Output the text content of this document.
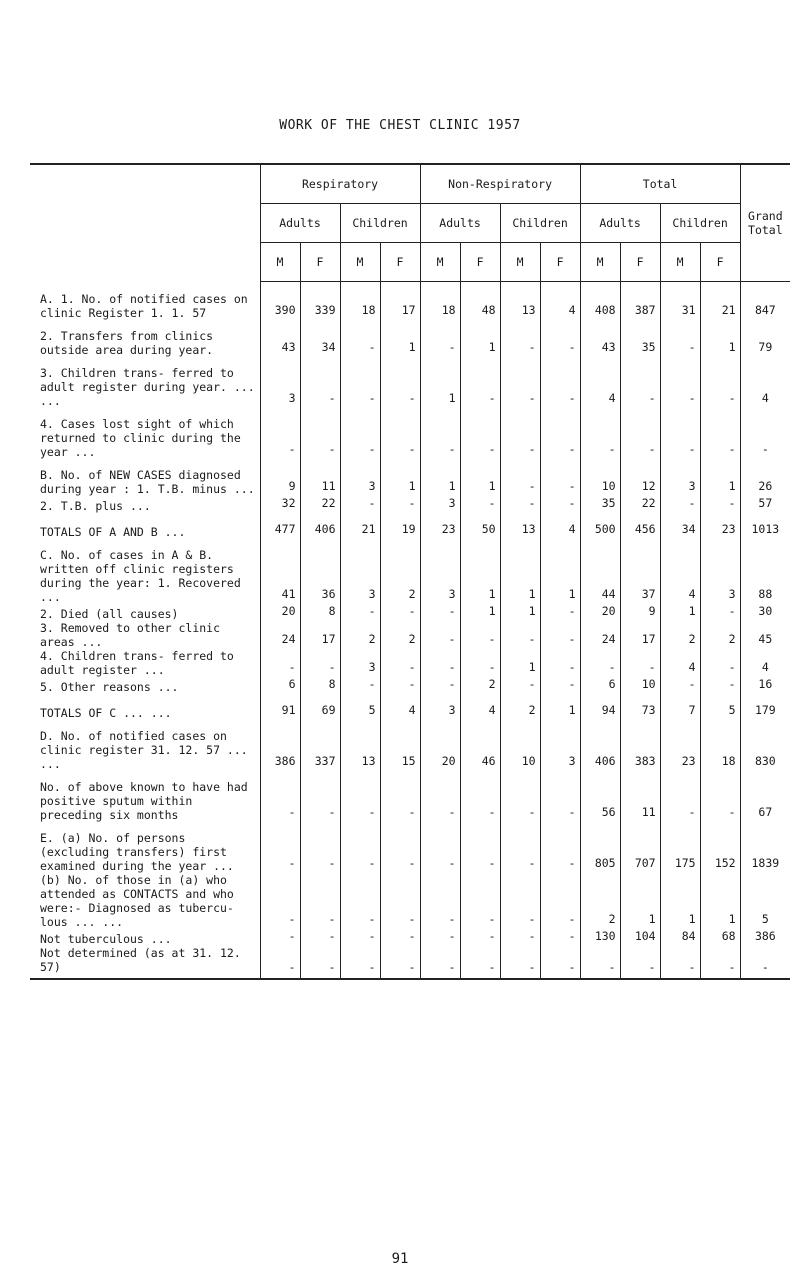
WORK OF THE CHEST CLINIC 1957
	Respiratory				Non-Respiratory				Total				Grand Total
	Adults		Children		Adults		Children		Adults		Children		
	M	F	M	F	M	F	M	F	M	F	M	F	
A. 1. No. of notified cases on clinic Register 1. 1. 57	390	339	18	17	18	48	13	4	408	387	31	21	847
2. Transfers from clinics outside area during year.	43	34	-	1	-	1	-	-	43	35	-	1	79
3. Children trans- ferred to adult register during year. ... ...	3	-	-	-	1	-	-	-	4	-	-	-	4
4. Cases lost sight of which returned to clinic during the year ...	-	-	-	-	-	-	-	-	-	-	-	-	-
B. No. of NEW CASES diagnosed during year : 1. T.B. minus ...	9	11	3	1	1	1	-	-	10	12	3	1	26
2. T.B. plus ...	32	22	-	-	3	-	-	-	35	22	-	-	57
TOTALS OF A AND B ...	477	406	21	19	23	50	13	4	500	456	34	23	1013
C. No. of cases in A & B. written off clinic registers during the year: 1. Recovered ...	41	36	3	2	3	1	1	1	44	37	4	3	88
2. Died (all causes)	20	8	-	-	-	1	1	-	20	9	1	-	30
3. Removed to other clinic areas ...	24	17	2	2	-	-	-	-	24	17	2	2	45
4. Children trans- ferred to adult register ...	-	-	3	-	-	-	1	-	-	-	4	-	4
5. Other reasons ...	6	8	-	-	-	2	-	-	6	10	-	-	16
TOTALS OF C ... ...	91	69	5	4	3	4	2	1	94	73	7	5	179
D. No. of notified cases on clinic register 31. 12. 57 ... ...	386	337	13	15	20	46	10	3	406	383	23	18	830
No. of above known to have had positive sputum within preceding six months	-	-	-	-	-	-	-	-	56	11	-	-	67
E. (a) No. of persons (excluding transfers) first examined during the year ...	-	-	-	-	-	-	-	-	805	707	175	152	1839
(b) No. of those in (a) who attended as CONTACTS and who were:- Diagnosed as tubercu- lous ... ...	-	-	-	-	-	-	-	-	2	1	1	1	5
Not tuberculous ...	-	-	-	-	-	-	-	-	130	104	84	68	386
Not determined (as at 31. 12. 57)	-	-	-	-	-	-	-	-	-	-	-	-	-
91
